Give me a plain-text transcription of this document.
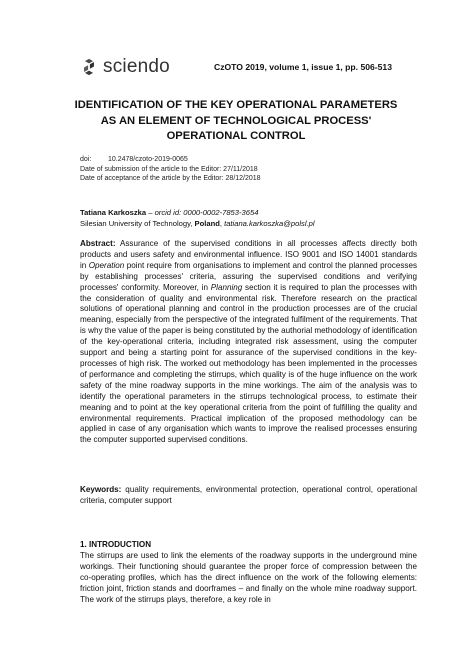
sciendo	CzOTO 2019, volume 1, issue 1, pp. 506-513
IDENTIFICATION OF THE KEY OPERATIONAL PARAMETERS
AS AN ELEMENT OF TECHNOLOGICAL PROCESS'
OPERATIONAL CONTROL
doi: 10.2478/czoto-2019-0065
Date of submission of the article to the Editor: 27/11/2018
Date of acceptance of the article by the Editor: 28/12/2018
Tatiana Karkoszka – orcid id: 0000-0002-7853-3654
Silesian University of Technology, Poland, tatiana.karkoszka@polsl.pl

Abstract: Assurance of the supervised conditions in all processes affects directly both products and users safety and environmental influence. ISO 9001 and ISO 14001 standards in Operation point require from organisations to implement and control the planned processes by establishing processes' criteria, assuring the supervised conditions and verifying processes' conformity. Moreover, in Planning section it is required to plan the processes with the consideration of quality and environmental risk. Therefore research on the practical solutions of operational planning and control in the production processes are of the crucial meaning, especially from the perspective of the integrated fulfilment of the requirements. That is why the value of the paper is being constituted by the authorial methodology of identification of the key-operational criteria, including integrated risk assessment, using the computer support and being a starting point for assurance of the supervised conditions in the key-processes of high risk. The worked out methodology has been implemented in the processes of performance and completing the stirrups, which quality is of the huge influence on the work safety of the mine roadway supports in the mine workings. The aim of the analysis was to identify the operational parameters in the stirrups technological process, to estimate their meaning and to point at the key operational criteria from the point of fulfilling the quality and environmental requirements. Practical implication of the proposed methodology can be applied in case of any organisation which wants to improve the realised processes ensuring the computer supported supervised conditions.

Keywords: quality requirements, environmental protection, operational control, operational criteria, computer support

1. INTRODUCTION

The stirrups are used to link the elements of the roadway supports in the underground mine workings. Their functioning should guarantee the proper force of compression between the co-operating profiles, which has the direct influence on the work of the following elements: friction joint, friction stands and doorframes – and finally on the whole mine roadway support. The work of the stirrups plays, therefore, a key role in
